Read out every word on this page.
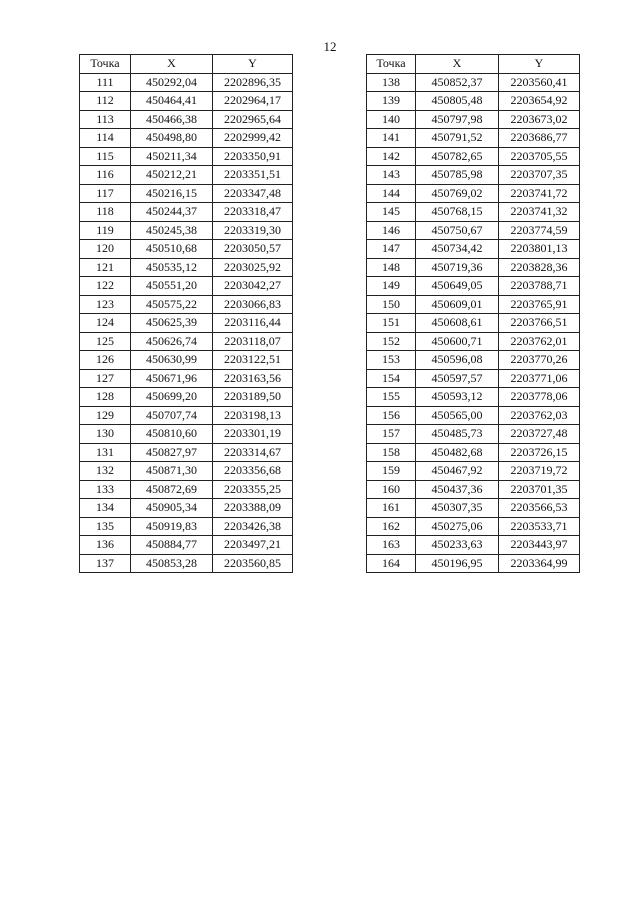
12
Точка	X	Y
111	450292,04	2202896,35
112	450464,41	2202964,17
113	450466,38	2202965,64
114	450498,80	2202999,42
115	450211,34	2203350,91
116	450212,21	2203351,51
117	450216,15	2203347,48
118	450244,37	2203318,47
119	450245,38	2203319,30
120	450510,68	2203050,57
121	450535,12	2203025,92
122	450551,20	2203042,27
123	450575,22	2203066,83
124	450625,39	2203116,44
125	450626,74	2203118,07
126	450630,99	2203122,51
127	450671,96	2203163,56
128	450699,20	2203189,50
129	450707,74	2203198,13
130	450810,60	2203301,19
131	450827,97	2203314,67
132	450871,30	2203356,68
133	450872,69	2203355,25
134	450905,34	2203388,09
135	450919,83	2203426,38
136	450884,77	2203497,21
137	450853,28	2203560,85
Точка	X	Y
138	450852,37	2203560,41
139	450805,48	2203654,92
140	450797,98	2203673,02
141	450791,52	2203686,77
142	450782,65	2203705,55
143	450785,98	2203707,35
144	450769,02	2203741,72
145	450768,15	2203741,32
146	450750,67	2203774,59
147	450734,42	2203801,13
148	450719,36	2203828,36
149	450649,05	2203788,71
150	450609,01	2203765,91
151	450608,61	2203766,51
152	450600,71	2203762,01
153	450596,08	2203770,26
154	450597,57	2203771,06
155	450593,12	2203778,06
156	450565,00	2203762,03
157	450485,73	2203727,48
158	450482,68	2203726,15
159	450467,92	2203719,72
160	450437,36	2203701,35
161	450307,35	2203566,53
162	450275,06	2203533,71
163	450233,63	2203443,97
164	450196,95	2203364,99
